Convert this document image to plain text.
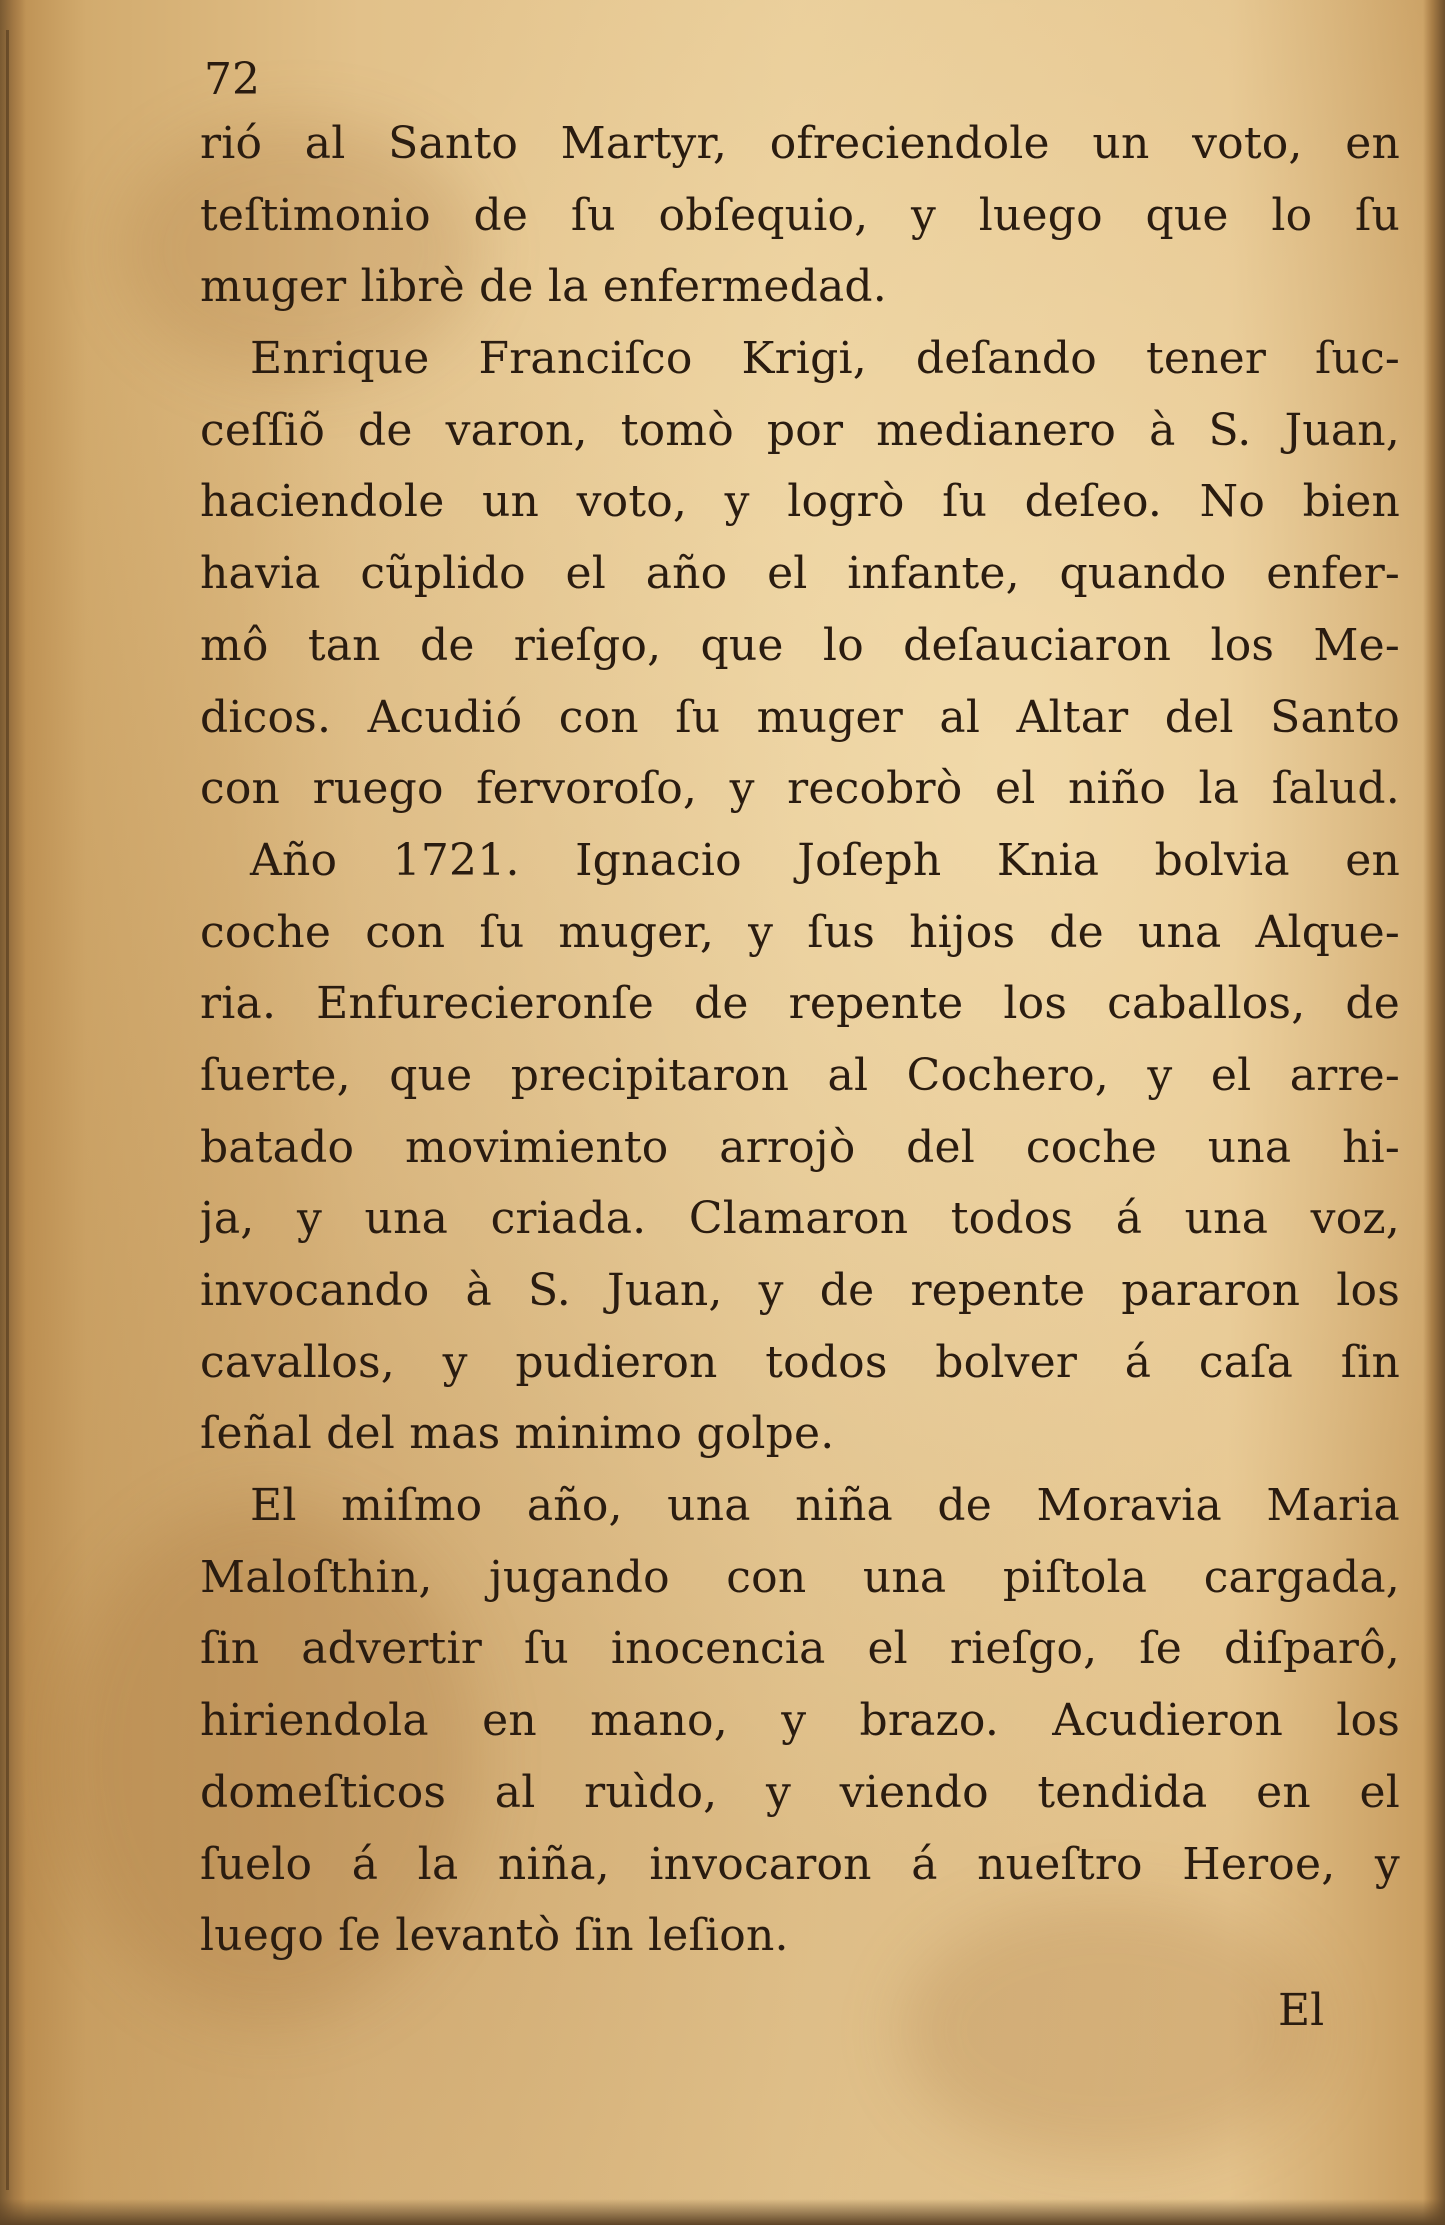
72
rió al Santo Martyr, ofreciendole un voto, en
teſtimonio de ſu obſequio, y luego que lo ſu
muger librè de la enfermedad.
Enrique Franciſco Krigi, deſando tener ſuc-
ceſſiõ de varon, tomò por medianero à S. Juan,
haciendole un voto, y logrò ſu deſeo. No bien
havia cũplido el año el infante, quando enfer-
mô tan de rieſgo, que lo deſauciaron los Me-
dicos. Acudió con ſu muger al Altar del Santo
con ruego fervoroſo, y recobrò el niño la ſalud.
Año 1721. Ignacio Joſeph Knia bolvia en
coche con ſu muger, y ſus hijos de una Alque-
ria. Enfurecieronſe de repente los caballos, de
ſuerte, que precipitaron al Cochero, y el arre-
batado movimiento arrojò del coche una hi-
ja, y una criada. Clamaron todos á una voz,
invocando à S. Juan, y de repente pararon los
cavallos, y pudieron todos bolver á caſa ſin
ſeñal del mas minimo golpe.
El miſmo año, una niña de Moravia Maria
Maloſthin, jugando con una piſtola cargada,
ſin advertir ſu inocencia el rieſgo, ſe diſparô,
hiriendola en mano, y brazo. Acudieron los
domeſticos al ruìdo, y viendo tendida en el
ſuelo á la niña, invocaron á nueſtro Heroe, y
luego ſe levantò ſin leſion.
El
